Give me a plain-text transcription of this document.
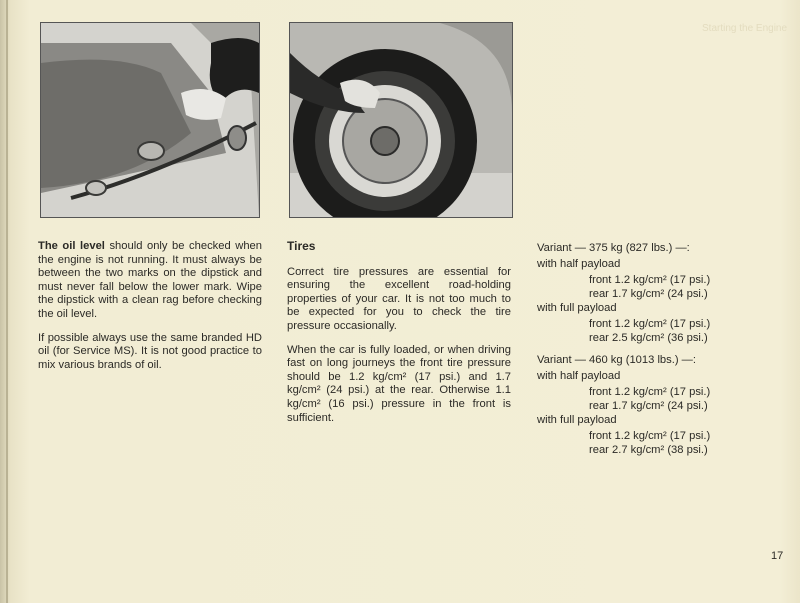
Starting the Engine

The oil level should only be checked when the engine is not running. It must always be between the two marks on the dipstick and must never fall below the lower mark. Wipe the dipstick with a clean rag before checking the oil level.

If possible always use the same branded HD oil (for Service MS). It is not good practice to mix various brands of oil.

Tires

Correct tire pressures are essential for ensuring the excellent road-holding properties of your car. It is not too much to be expected for you to check the tire pressure occasionally.

When the car is fully loaded, or when driving fast on long journeys the front tire pressure should be 1.2 kg/cm² (17 psi.) and 1.7 kg/cm² (24 psi.) at the rear. Otherwise 1.1 kg/cm² (16 psi.) pressure in the front is sufficient.

Variant — 375 kg (827 lbs.) —:
with half payload
front 1.2 kg/cm² (17 psi.)
rear 1.7 kg/cm² (24 psi.)
with full payload
front 1.2 kg/cm² (17 psi.)
rear 2.5 kg/cm² (36 psi.)
Variant — 460 kg (1013 lbs.) —:
with half payload
front 1.2 kg/cm² (17 psi.)
rear 1.7 kg/cm² (24 psi.)
with full payload
front 1.2 kg/cm² (17 psi.)
rear 2.7 kg/cm² (38 psi.)
17
